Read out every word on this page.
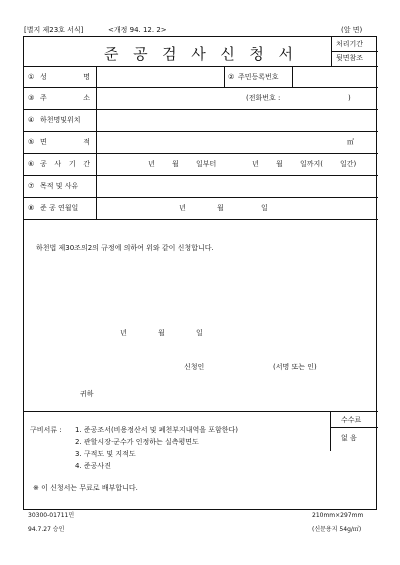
[별지 제23호 서식]	<개정 94. 12. 2>	(앞 면)
준 공 검 사 신 청 서
처리기간
뒷면참조
① 성	명	② 주민등록번호
③ 주	소	(전화번호 :	)
④ 하천명및위치
⑤ 면	적	㎡
⑥ 공 사 기 간	년 월 일부터	년 월 일까지( 일간)
⑦ 목적 및 사유
⑧ 준 공 연월일	년	월	일
하천법 제30조의2의 규정에 의하여 위와 같이 신청합니다.
년	월	일
신청인	(서명 또는 인)
귀하
수수료
없 음
구비서류 : 1. 준공조서(비용정산서 및 폐천부지내역을 포함한다)
2. 관할시장·군수가 인정하는 실측평면도
3. 구적도 및 지적도
4. 준공사진
※ 이 신청서는 무료로 배부합니다.
30300-01711민
94.7.27 승인
210mm×297mm
(신문용지 54g/㎡)
